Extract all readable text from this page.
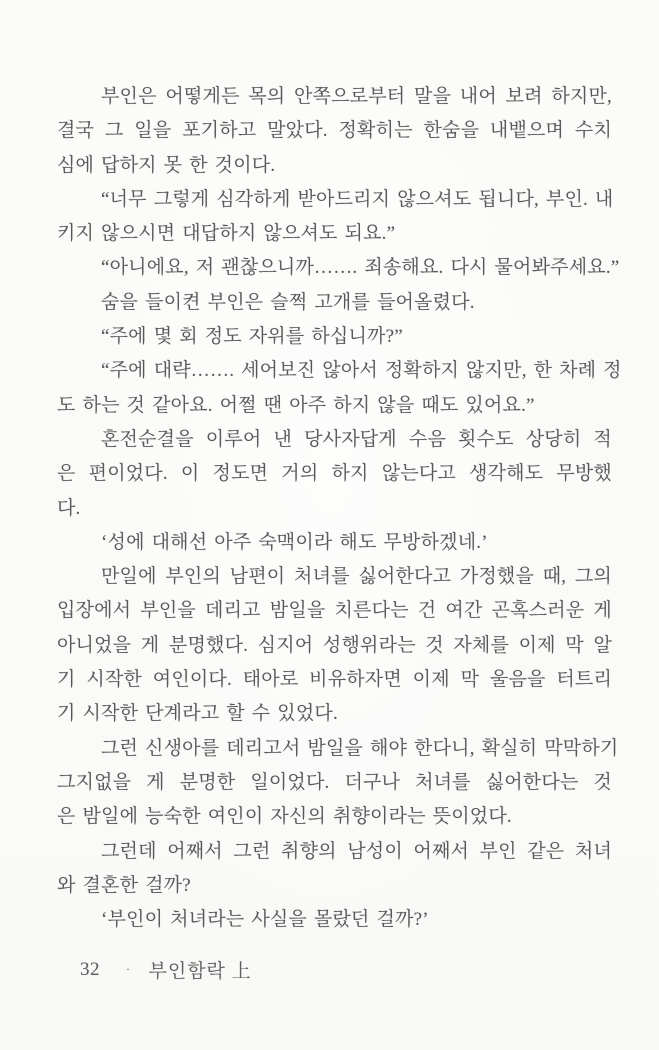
부인은 어떻게든 목의 안쪽으로부터 말을 내어 보려 하지만,
결국 그 일을 포기하고 말았다. 정확히는 한숨을 내뱉으며 수치
심에 답하지 못 한 것이다.
“너무 그렇게 심각하게 받아드리지 않으셔도 됩니다, 부인. 내
키지 않으시면 대답하지 않으셔도 되요.”
“아니에요, 저 괜찮으니까……. 죄송해요. 다시 물어봐주세요.”
숨을 들이켠 부인은 슬쩍 고개를 들어올렸다.
“주에 몇 회 정도 자위를 하십니까?”
“주에 대략……. 세어보진 않아서 정확하지 않지만, 한 차례 정
도 하는 것 같아요. 어쩔 땐 아주 하지 않을 때도 있어요.”
혼전순결을 이루어 낸 당사자답게 수음 횟수도 상당히 적
은 편이었다. 이 정도면 거의 하지 않는다고 생각해도 무방했
다.
‘성에 대해선 아주 숙맥이라 해도 무방하겠네.’
만일에 부인의 남편이 처녀를 싫어한다고 가정했을 때, 그의
입장에서 부인을 데리고 밤일을 치른다는 건 여간 곤혹스러운 게
아니었을 게 분명했다. 심지어 성행위라는 것 자체를 이제 막 알
기 시작한 여인이다. 태아로 비유하자면 이제 막 울음을 터트리
기 시작한 단계라고 할 수 있었다.
그런 신생아를 데리고서 밤일을 해야 한다니, 확실히 막막하기
그지없을 게 분명한 일이었다. 더구나 처녀를 싫어한다는 것
은 밤일에 능숙한 여인이 자신의 취향이라는 뜻이었다.
그런데 어째서 그런 취향의 남성이 어째서 부인 같은 처녀
와 결혼한 걸까?
‘부인이 처녀라는 사실을 몰랐던 걸까?’
32	· 부인함락 上
